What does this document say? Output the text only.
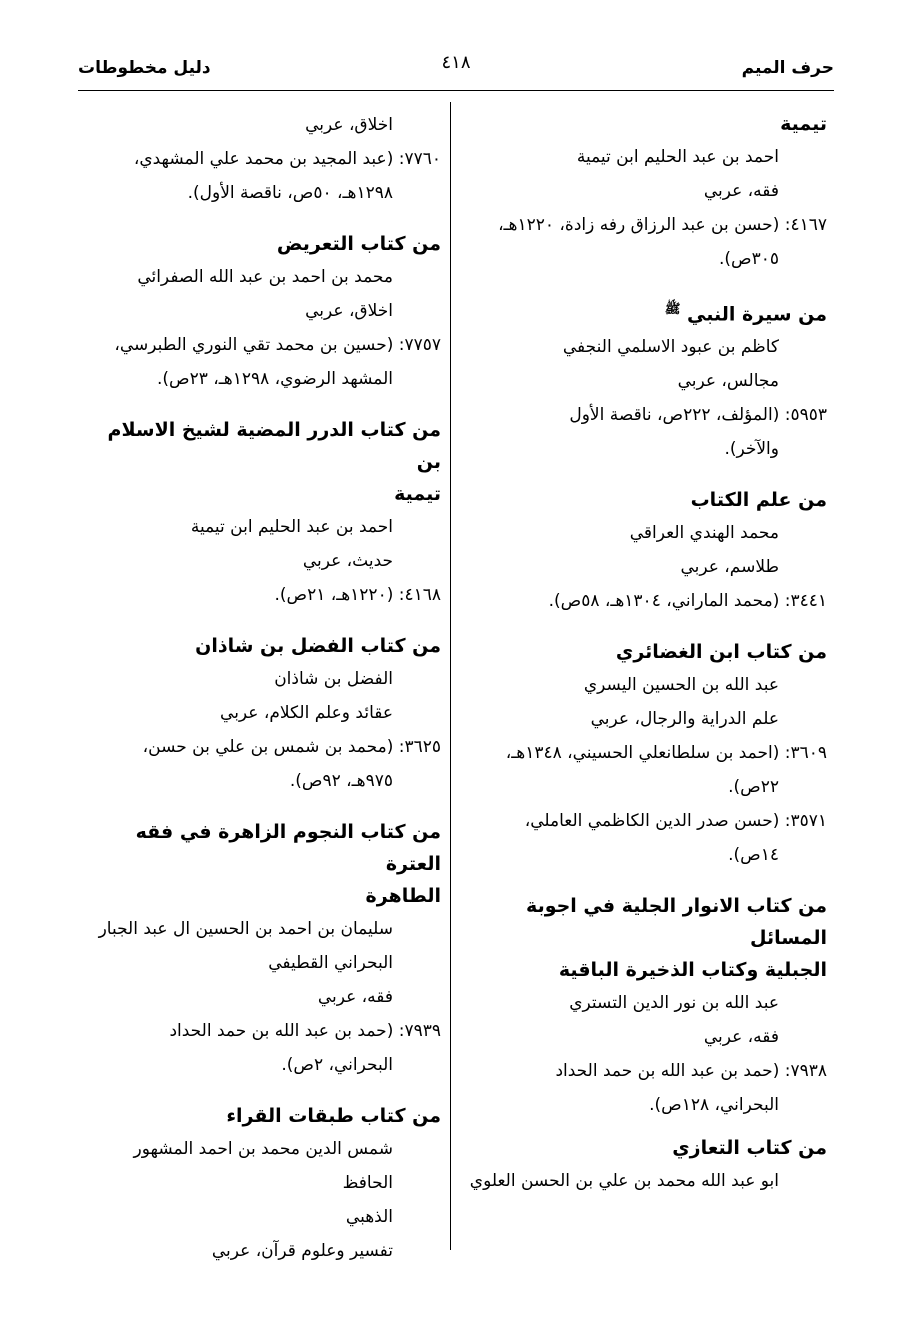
حرف الميم
٤١٨
دليل مخطوطات

تيمية

احمد بن عبد الحليم ابن تيمية

فقه، عربي

٤١٦٧: (حسن بن عبد الرزاق رفه زادة، ١٢٢٠هـ،

٣٠٥ص).

من سيرة النبي $^ﷺ$

كاظم بن عبود الاسلمي النجفي

مجالس، عربي

٥٩٥٣: (المؤلف، ٢٢٢ص، ناقصة الأول

والآخر).

من علم الكتاب

محمد الهندي العراقي

طلاسم، عربي

٣٤٤١: (محمد الماراني، ١٣٠٤هـ، ٥٨ص).

من كتاب ابن الغضائري

عبد الله بن الحسين اليسري

علم الدراية والرجال، عربي

٣٦٠٩: (احمد بن سلطانعلي الحسيني، ١٣٤٨هـ،

٢٢ص).

٣٥٧١: (حسن صدر الدين الكاظمي العاملي،

١٤ص).

من كتاب الانوار الجلية في اجوبة المسائل

الجبلية وكتاب الذخيرة الباقية

عبد الله بن نور الدين التستري

فقه، عربي

٧٩٣٨: (حمد بن عبد الله بن حمد الحداد

البحراني، ١٢٨ص).

من كتاب التعازي

ابو عبد الله محمد بن علي بن الحسن العلوي

اخلاق، عربي

٧٧٦٠: (عبد المجيد بن محمد علي المشهدي،

١٢٩٨هـ، ٥٠ص، ناقصة الأول).

من كتاب التعريض

محمد بن احمد بن عبد الله الصفرائي

اخلاق، عربي

٧٧٥٧: (حسين بن محمد تقي النوري الطبرسي،

المشهد الرضوي، ١٢٩٨هـ، ٢٣ص).

من كتاب الدرر المضية لشيخ الاسلام بن

تيمية

احمد بن عبد الحليم ابن تيمية

حديث، عربي

٤١٦٨: (١٢٢٠هـ، ٢١ص).

من كتاب الفضل بن شاذان

الفضل بن شاذان

عقائد وعلم الكلام، عربي

٣٦٢٥: (محمد بن شمس بن علي بن حسن،

٩٧٥هـ، ٩٢ص).

من كتاب النجوم الزاهرة في فقه العترة

الطاهرة

سليمان بن احمد بن الحسين ال عبد الجبار

البحراني القطيفي

فقه، عربي

٧٩٣٩: (حمد بن عبد الله بن حمد الحداد

البحراني، ٢ص).

من كتاب طبقات القراء

شمس الدين محمد بن احمد المشهور الحافظ

الذهبي

تفسير وعلوم قرآن، عربي
